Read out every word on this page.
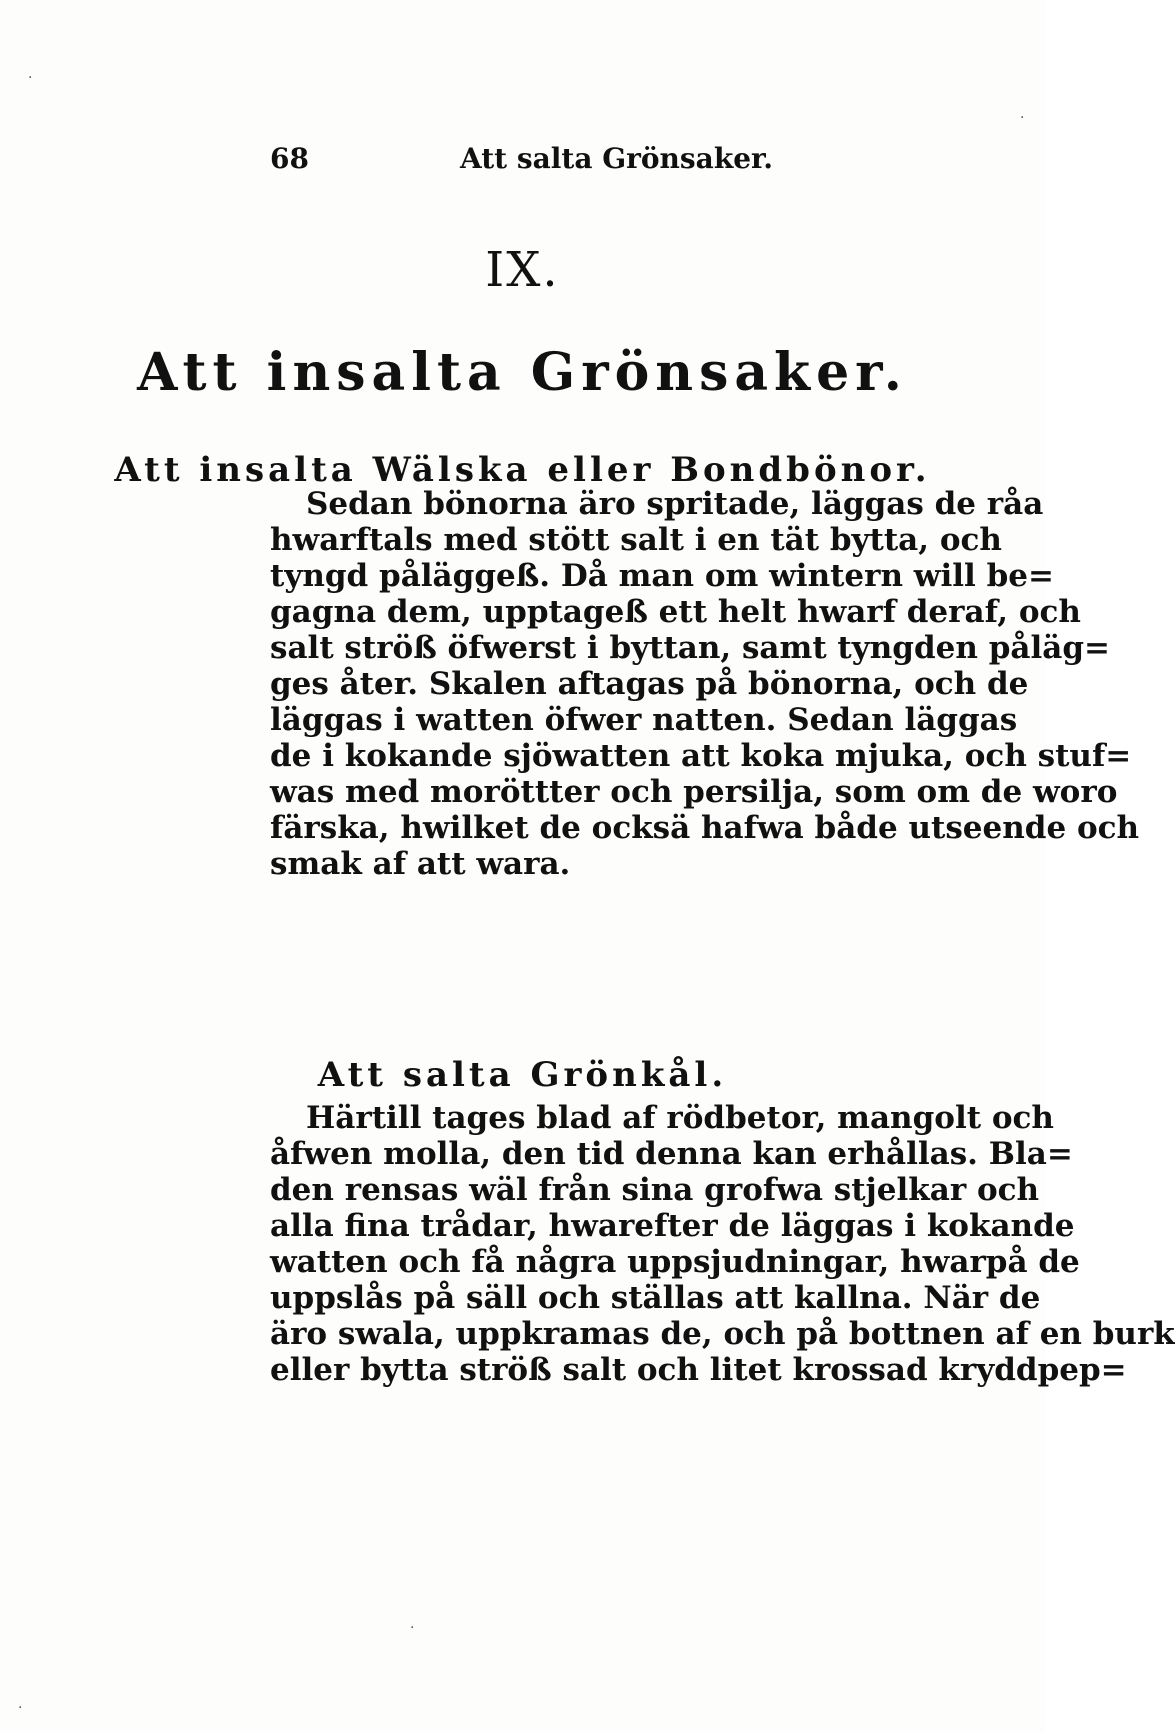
68	Att salta Grönsaker.
IX.
Att insalta Grönsaker.
Att insalta Wälska eller Bondbönor.
Sedan bönorna äro spritade, läggas de råa
hwarftals med stött salt i en tät bytta, och
tyngd påläggeß. Då man om wintern will be=
gagna dem, upptageß ett helt hwarf deraf, och
salt ströß öfwerst i byttan, samt tyngden påläg=
ges åter. Skalen aftagas på bönorna, och de
läggas i watten öfwer natten. Sedan läggas
de i kokande sjöwatten att koka mjuka, och stuf=
was med moröttter och persilja, som om de woro
färska, hwilket de ocksä hafwa både utseende och
smak af att wara.
Att salta Grönkål.
Härtill tages blad af rödbetor, mangolt och
åfwen molla, den tid denna kan erhållas. Bla=
den rensas wäl från sina grofwa stjelkar och
alla fina trådar, hwarefter de läggas i kokande
watten och få några uppsjudningar, hwarpå de
uppslås på säll och ställas att kallna. När de
äro swala, uppkramas de, och på bottnen af en burk
eller bytta ströß salt och litet krossad kryddpep=
·
·
·
·
